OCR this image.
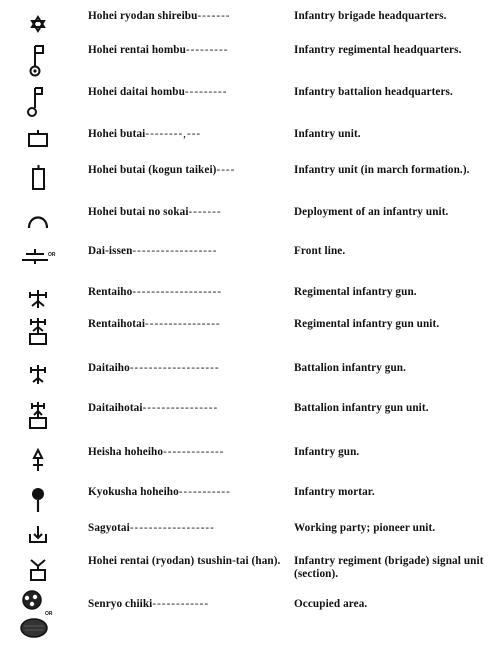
Hohei ryodan shireibu-------	Infantry brigade headquarters.
Hohei rentai hombu---------	Infantry regimental headquarters.
Hohei daitai hombu---------	Infantry battalion headquarters.
Hohei butai--------,---	Infantry unit.
Hohei butai (kogun taikei)----	Infantry unit (in march formation.).
Hohei butai no sokai-------	Deployment of an infantry unit.
OR	Dai-issen------------------	Front line.
Rentaiho-------------------	Regimental infantry gun.
Rentaihotai----------------	Regimental infantry gun unit.
Daitaiho-------------------	Battalion infantry gun.
Daitaihotai----------------	Battalion infantry gun unit.
Heisha hoheiho-------------	Infantry gun.
Kyokusha hoheiho-----------	Infantry mortar.
Sagyotai------------------	Working party; pioneer unit.
Hohei rentai (ryodan) tsushin-tai (han).	Infantry regiment (brigade) signal unit (section).
OR
Senryo chiiki------------	Occupied area.
